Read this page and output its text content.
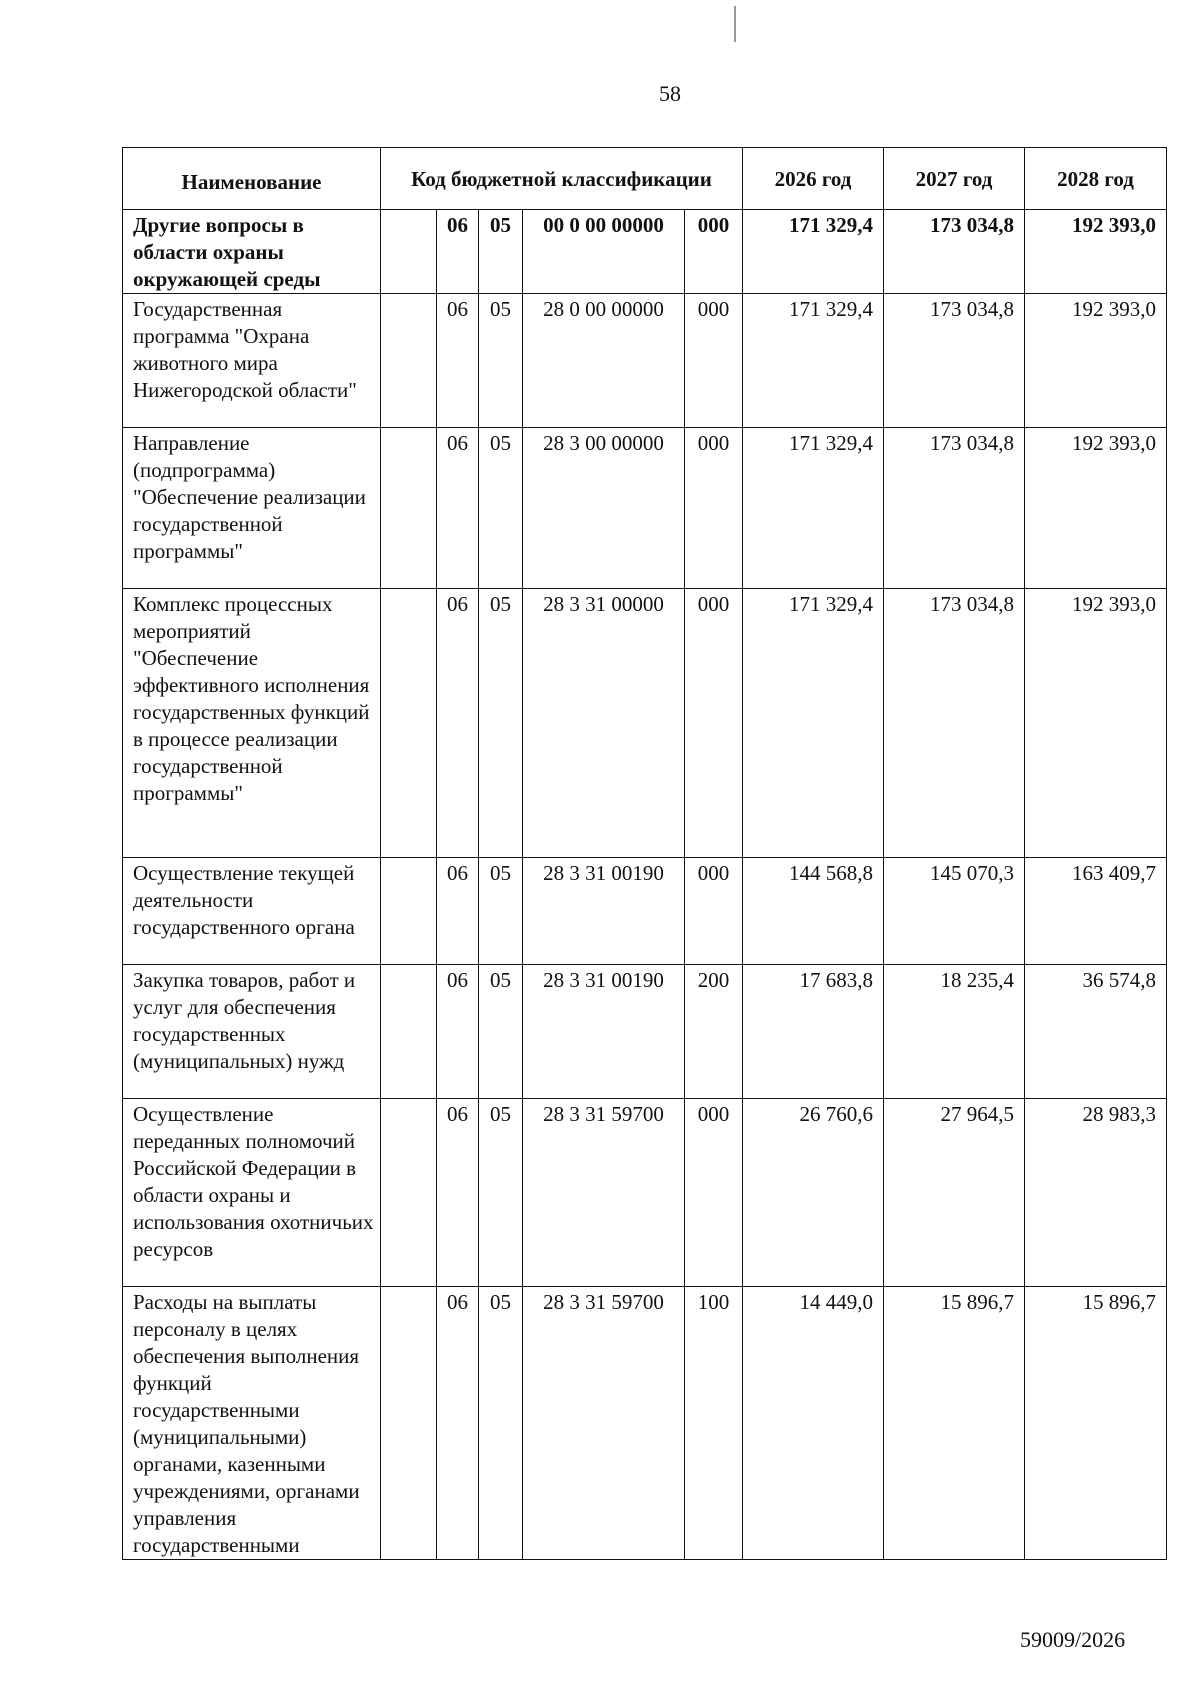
58
Наименование	Код бюджетной классификации					2026 год	2027 год	2028 год
Другие вопросы в области охраны окружающей среды		06	05	00 0 00 00000	000	171 329,4	173 034,8	192 393,0
Государственная программа "Охрана животного мира Нижегородской области"		06	05	28 0 00 00000	000	171 329,4	173 034,8	192 393,0
Направление (подпрограмма) "Обеспечение реализации государственной программы"		06	05	28 3 00 00000	000	171 329,4	173 034,8	192 393,0
Комплекс процессных мероприятий "Обеспечение эффективного исполнения государственных функций в процессе реализации государственной программы"		06	05	28 3 31 00000	000	171 329,4	173 034,8	192 393,0
Осуществление текущей деятельности государственного органа		06	05	28 3 31 00190	000	144 568,8	145 070,3	163 409,7
Закупка товаров, работ и услуг для обеспечения государственных (муниципальных) нужд		06	05	28 3 31 00190	200	17 683,8	18 235,4	36 574,8
Осуществление переданных полномочий Российской Федерации в области охраны и использования охотничьих ресурсов		06	05	28 3 31 59700	000	26 760,6	27 964,5	28 983,3
Расходы на выплаты персоналу в целях обеспечения выполнения функций государственными (муниципальными) органами, казенными учреждениями, органами управления государственными		06	05	28 3 31 59700	100	14 449,0	15 896,7	15 896,7
59009/2026
